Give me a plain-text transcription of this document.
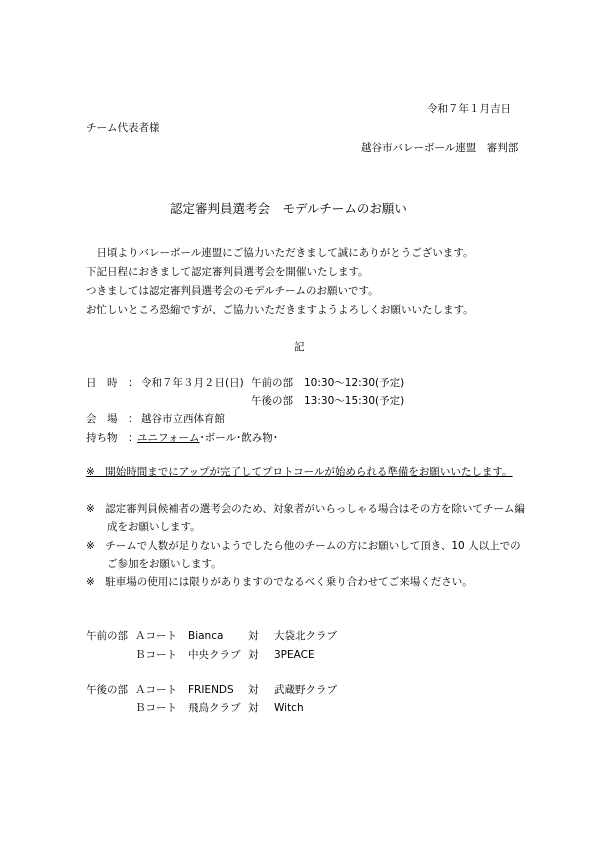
令和７年１月吉日
チーム代表者様
越谷市バレーボール連盟　審判部
認定審判員選考会　モデルチームのお願い
　日頃よりバレーボール連盟にご協力いただきまして誠にありがとうございます。
下記日程におきまして認定審判員選考会を開催いたします。
つきましては認定審判員選考会のモデルチームのお願いです。
お忙しいところ恐縮ですが、ご協力いただきますようよろしくお願いいたします。
記
日　時　： 令和７年３月２日(日) 午前の部 10:30～12:30(予定)
午後の部 13:30～15:30(予定)
会　場　： 越谷市立西体育館
持ち物　：
ユニフォーム･ボール･飲み物･
※　開始時間までにアップが完了してプロトコールが始められる準備をお願いいたします。
※　認定審判員候補者の選考会のため、対象者がいらっしゃる場合はその方を除いてチーム編
　　成をお願いします。
※　チームで人数が足りないようでしたら他のチームの方にお願いして頂き、10 人以上での
　　ご参加をお願いします。
※　駐車場の使用には限りがありますのでなるべく乗り合わせてご来場ください。
午前の部 Ａコート Bianca 対 大袋北クラブ
Ｂコート 中央クラブ 対 3PEACE
午後の部 Ａコート FRIENDS 対 武蔵野クラブ
Ｂコート 飛鳥クラブ 対 Witch
